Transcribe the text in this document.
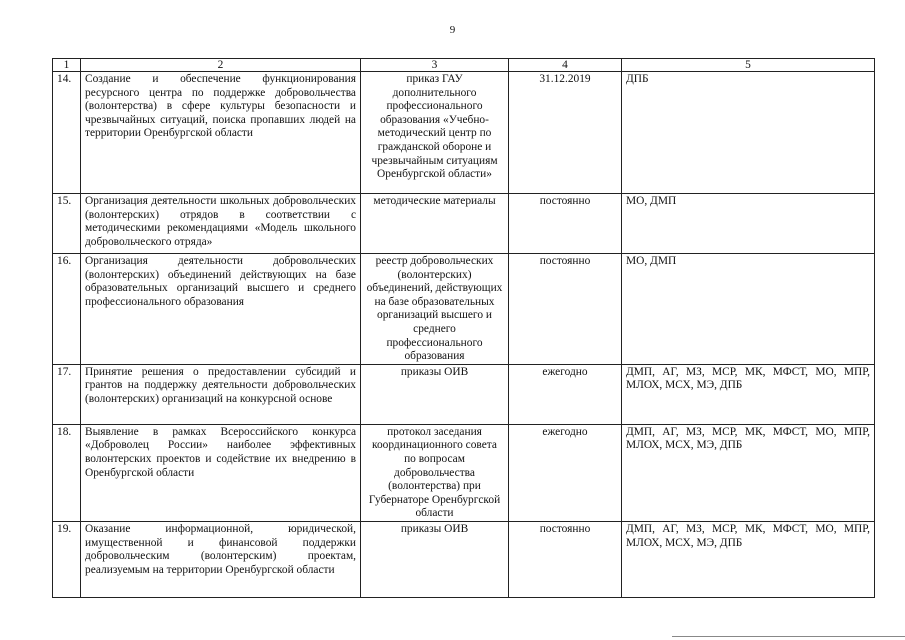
9
1	2	3	4	5
14.	Создание и обеспечение функционирования ресурсного центра по поддержке добровольчества (волонтерства) в сфере культуры безопасности и чрезвычайных ситуаций, поиска пропавших людей на территории Оренбургской области	приказ ГАУ дополнительного профессионального образования «Учебно-методический центр по гражданской обороне и чрезвычайным ситуациям Оренбургской области»	31.12.2019	ДПБ
15.	Организация деятельности школьных добровольческих (волонтерских) отрядов в соответствии с методическими рекомендациями «Модель школьного добровольческого отряда»	методические материалы	постоянно	МО, ДМП
16.	Организация деятельности добровольческих (волонтерских) объединений действующих на базе образовательных организаций высшего и среднего профессионального образования	реестр добровольческих (волонтерских) объединений, действующих на базе образовательных организаций высшего и среднего профессионального образования	постоянно	МО, ДМП
17.	Принятие решения о предоставлении субсидий и грантов на поддержку деятельности добровольческих (волонтерских) организаций на конкурсной основе	приказы ОИВ	ежегодно	ДМП, АГ, МЗ, МСР, МК, МФСТ, МО, МПР, МЛОХ, МСХ, МЭ, ДПБ
18.	Выявление в рамках Всероссийского конкурса «Доброволец России» наиболее эффективных волонтерских проектов и содействие их внедрению в Оренбургской области	протокол заседания координационного совета по вопросам добровольчества (волонтерства) при Губернаторе Оренбургской области	ежегодно	ДМП, АГ, МЗ, МСР, МК, МФСТ, МО, МПР, МЛОХ, МСХ, МЭ, ДПБ
19.	Оказание информационной, юридической, имущественной и финансовой поддержки добровольческим (волонтерским) проектам, реализуемым на территории Оренбургской области	приказы ОИВ	постоянно	ДМП, АГ, МЗ, МСР, МК, МФСТ, МО, МПР, МЛОХ, МСХ, МЭ, ДПБ
